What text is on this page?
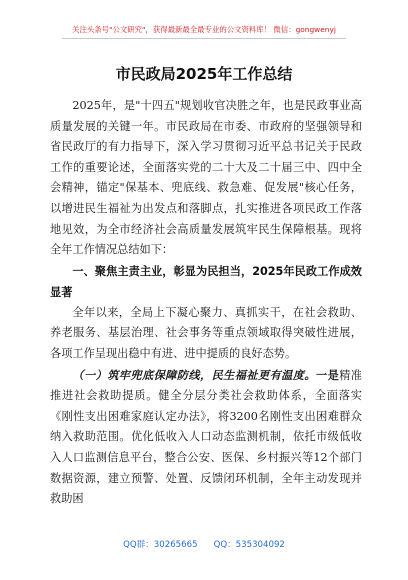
关注头条号"公文研究"，获得最新最全最专业的公文资料库！ 微信：gongwenyj
市民政局2025年工作总结

2025年，是"十四五"规划收官决胜之年，也是民政事业高质量发展的关键一年。市民政局在市委、市政府的坚强领导和省民政厅的有力指导下，深入学习贯彻习近平总书记关于民政工作的重要论述，全面落实党的二十大及二十届三中、四中全会精神，锚定"保基本、兜底线、救急难、促发展"核心任务，以增进民生福祉为出发点和落脚点，扎实推进各项民政工作落地见效，为全市经济社会高质量发展筑牢民生保障根基。现将全年工作情况总结如下：

一、聚焦主责主业，彰显为民担当，2025年民政工作成效显著

全年以来，全局上下凝心聚力、真抓实干，在社会救助、养老服务、基层治理、社会事务等重点领域取得突破性进展，各项工作呈现出稳中有进、进中提质的良好态势。

（一）筑牢兜底保障防线，民生福祉更有温度。一是精准推进社会救助提质。健全分层分类社会救助体系，全面落实《刚性支出困难家庭认定办法》，将3200名刚性支出困难群众纳入救助范围。优化低收入人口动态监测机制，依托市级低收入人口监测信息平台，整合公安、医保、乡村振兴等12个部门数据资源，建立预警、处置、反馈闭环机制，全年主动发现并救助困

QQ群：30265665 QQ：535304092
